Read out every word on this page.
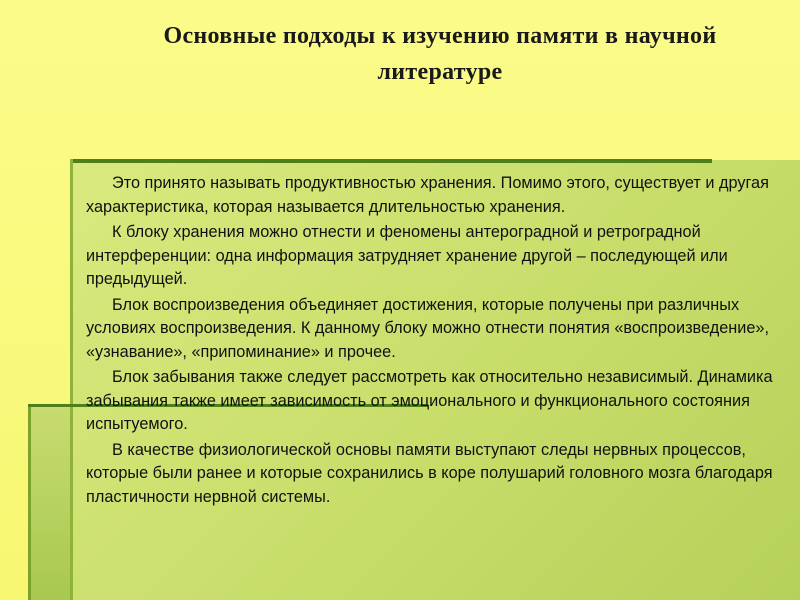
Основные подходы к изучению памяти в научной литературе

Это принято называть продуктивностью хранения. Помимо этого, существует и другая характеристика, которая называется длительностью хранения.

К блоку хранения можно отнести и феномены антероградной и ретроградной интерференции: одна информация затрудняет хранение другой – последующей или предыдущей.

Блок воспроизведения объединяет достижения, которые получены при различных условиях воспроизведения. К данному блоку можно отнести понятия «воспроизведение», «узнавание», «припоминание» и прочее.

Блок забывания также следует рассмотреть как относительно независимый. Динамика забывания также имеет зависимость от эмоционального и функционального состояния испытуемого.

В качестве физиологической основы памяти выступают следы нервных процессов, которые были ранее и которые сохранились в коре полушарий головного мозга благодаря пластичности нервной системы.
